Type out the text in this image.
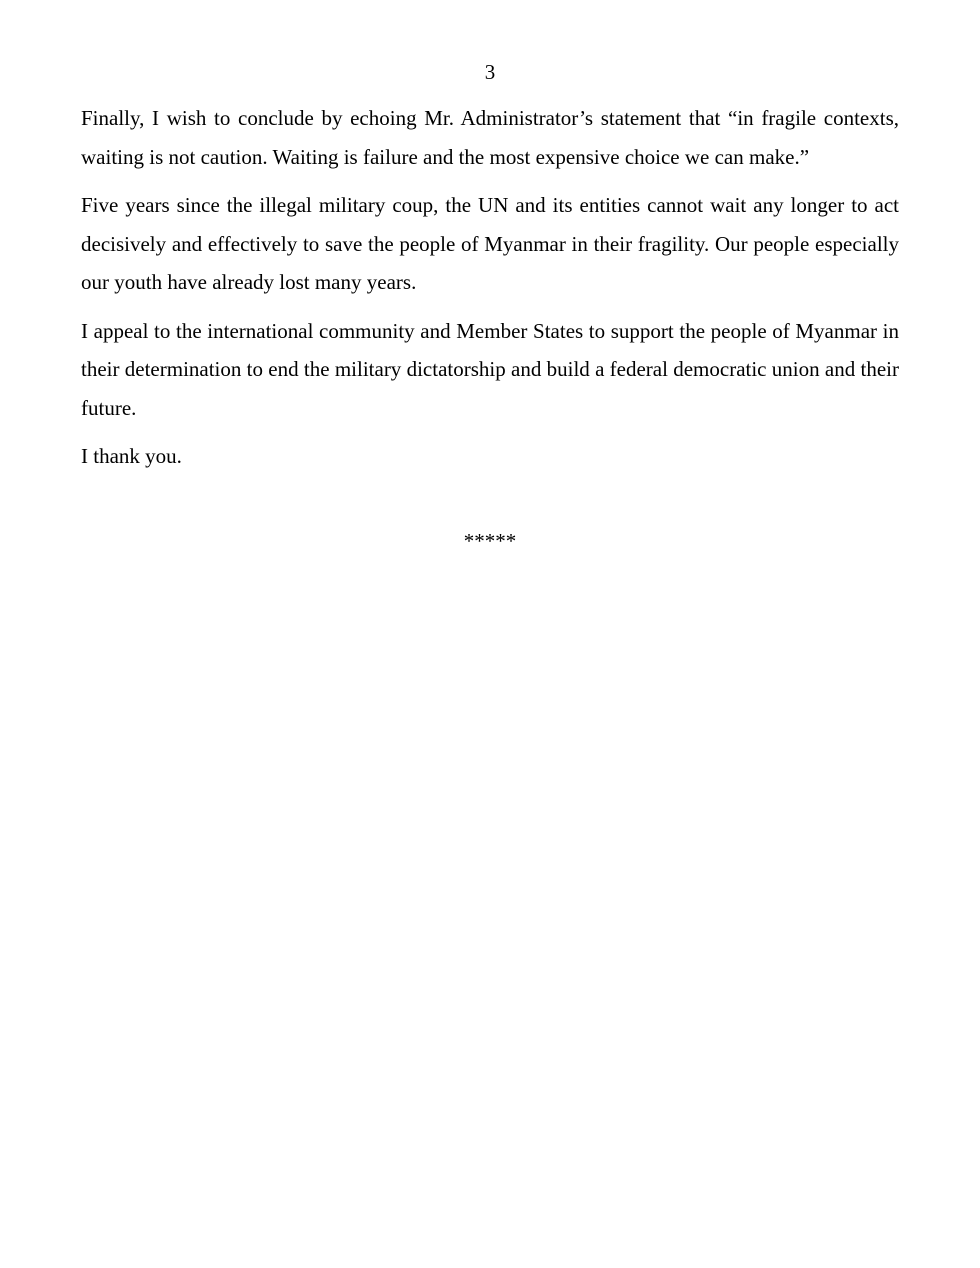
3

Finally, I wish to conclude by echoing Mr. Administrator’s statement that “in fragile contexts, waiting is not caution. Waiting is failure and the most expensive choice we can make.”

Five years since the illegal military coup, the UN and its entities cannot wait any longer to act decisively and effectively to save the people of Myanmar in their fragility. Our people especially our youth have already lost many years.

I appeal to the international community and Member States to support the people of Myanmar in their determination to end the military dictatorship and build a federal democratic union and their future.

I thank you.

*****
